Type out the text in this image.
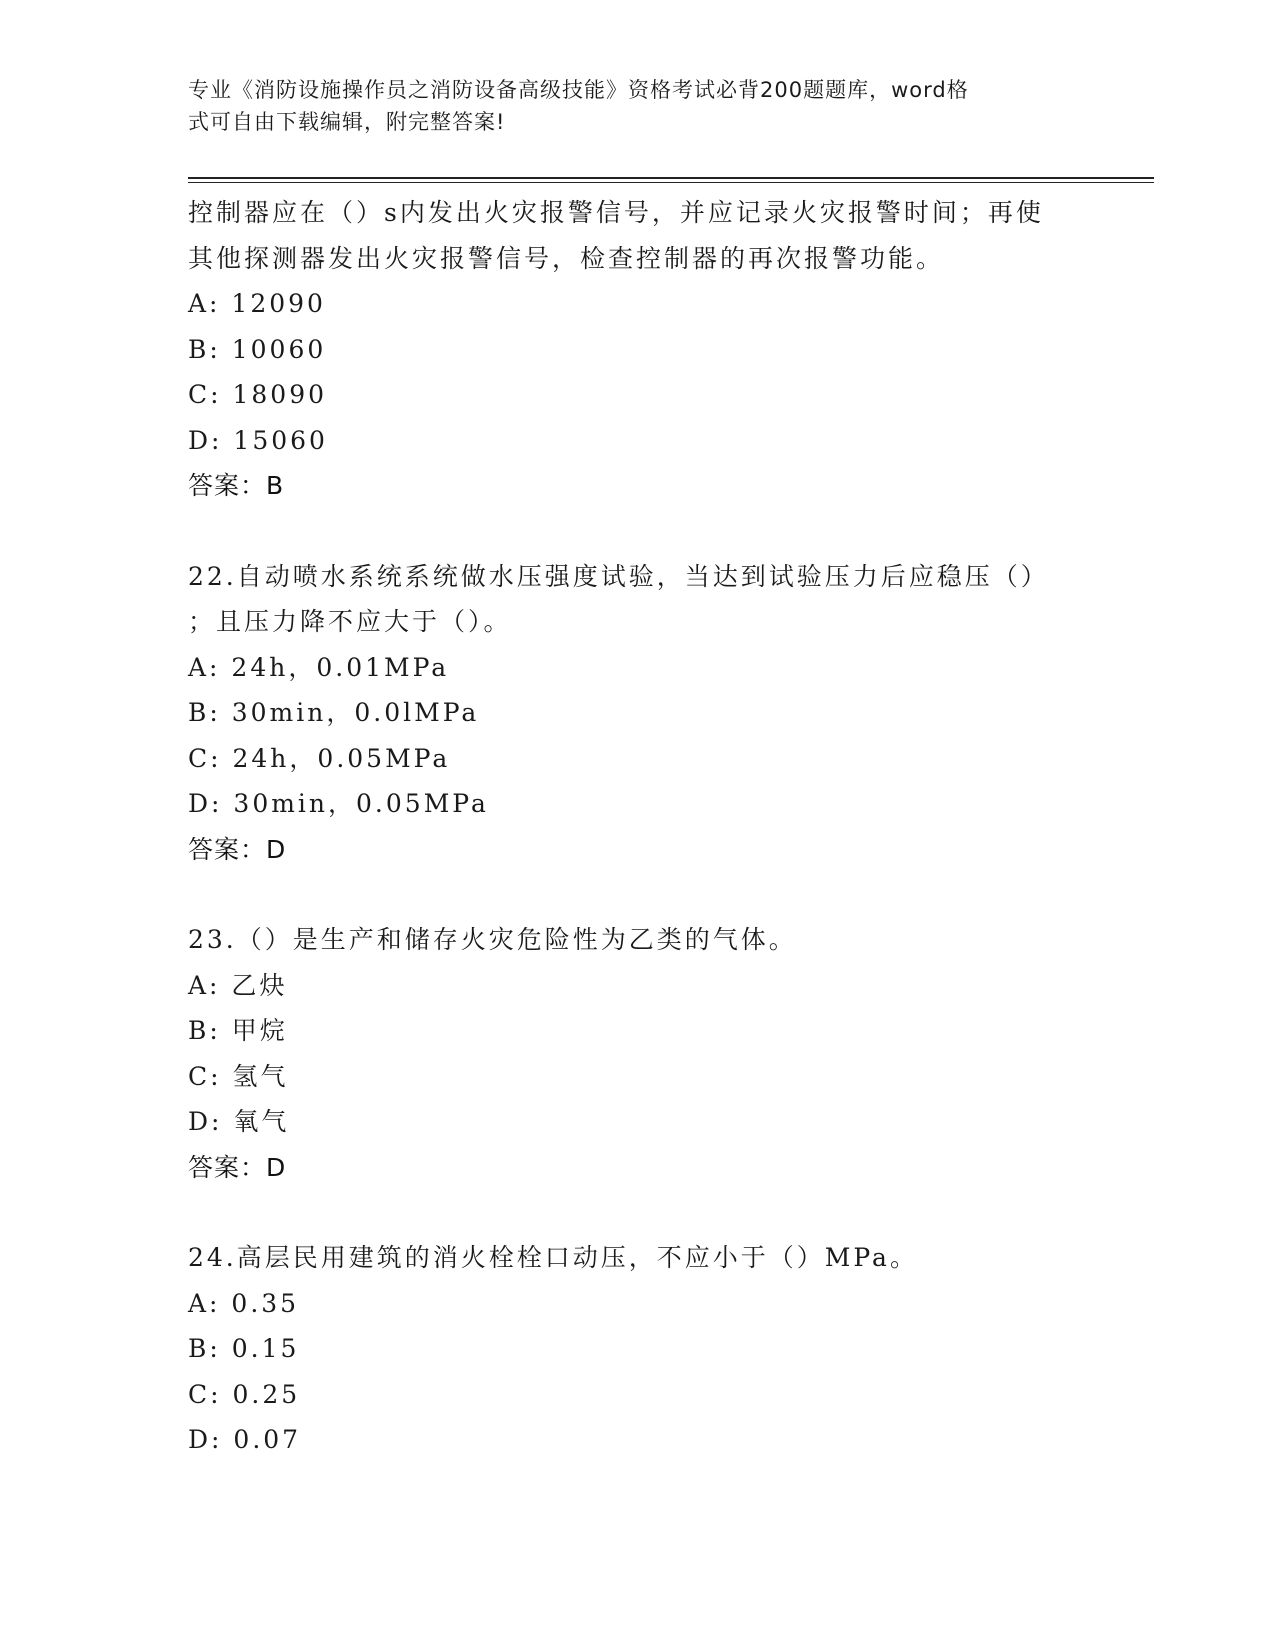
专业《消防设施操作员之消防设备高级技能》资格考试必背200题题库，word格
式可自由下载编辑，附完整答案!
控制器应在（）s内发出火灾报警信号，并应记录火灾报警时间；再使
其他探测器发出火灾报警信号，检查控制器的再次报警功能。
A: 12090
B: 10060
C: 18090
D: 15060
答案：B
22.自动喷水系统系统做水压强度试验，当达到试验压力后应稳压（）
；且压力降不应大于（）。
A: 24h，0.01MPa
B: 30min，0.0lMPa
C: 24h，0.05MPa
D: 30min，0.05MPa
答案：D
23.（）是生产和储存火灾危险性为乙类的气体。
A: 乙炔
B: 甲烷
C: 氢气
D: 氧气
答案：D
24.高层民用建筑的消火栓栓口动压，不应小于（）MPa。
A: 0.35
B: 0.15
C: 0.25
D: 0.07
